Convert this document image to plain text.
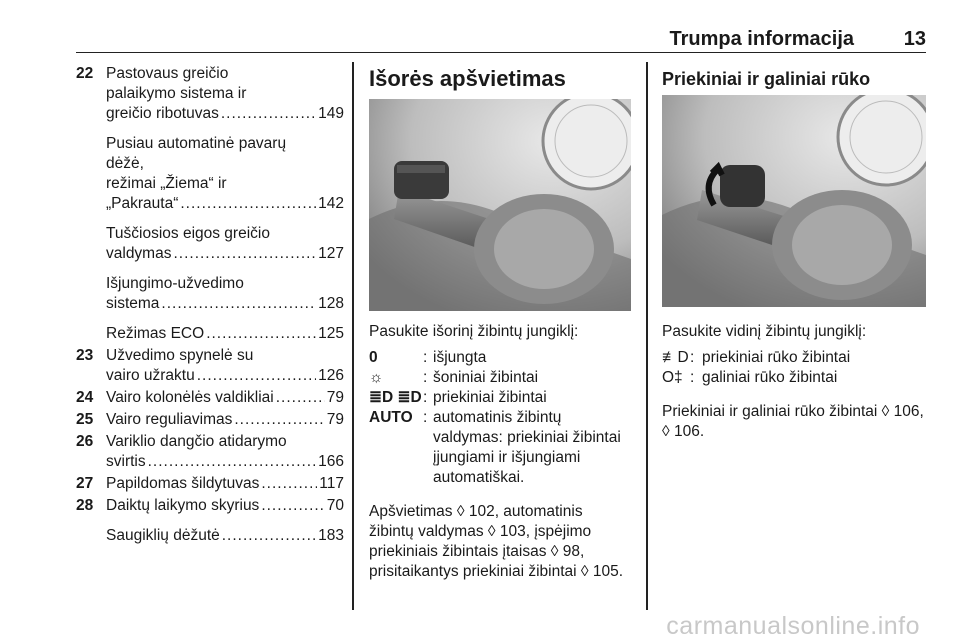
Trumpa informacija 13
22 Pastovaus greičio
palaikymo sistema ir
greičio ribotuvas .....	149
Pusiau automatinė pavarų
dėžė,
režimai „Žiema“ ir
„Pakrauta“ .....	142
Tuščiosios eigos greičio
valdymas .....	127
Išjungimo-užvedimo
sistema .....	128
Režimas ECO .....	125
23 Užvedimo spynelė su
vairo užraktu .....	126
24 Vairo kolonėlės valdikliai .....	79
25 Vairo reguliavimas .....	79
26 Variklio dangčio atidarymo
svirtis .....	166
27 Papildomas šildytuvas .....	117
28 Daiktų laikymo skyrius .....	70
Saugiklių dėžutė .....	183
Išorės apšvietimas
Pasukite išorinį žibintų jungiklį:
0	: išjungta
☼	: šoniniai žibintai
≣D ≣D : priekiniai žibintai
AUTO : automatinis žibintų valdymas: priekiniai žibintai įjungiami ir išjungiami automatiškai.
Apšvietimas ◊ 102, automatinis žibintų valdymas ◊ 103, įspėjimo priekiniais žibintais įtaisas ◊ 98, prisitaikantys priekiniai žibintai ◊ 105.
Priekiniai ir galiniai rūko
Pasukite vidinį žibintų jungiklį:
≢D : priekiniai rūko žibintai
O‡ : galiniai rūko žibintai
Priekiniai ir galiniai rūko žibintai ◊ 106, ◊ 106.
carmanualsonline.info
